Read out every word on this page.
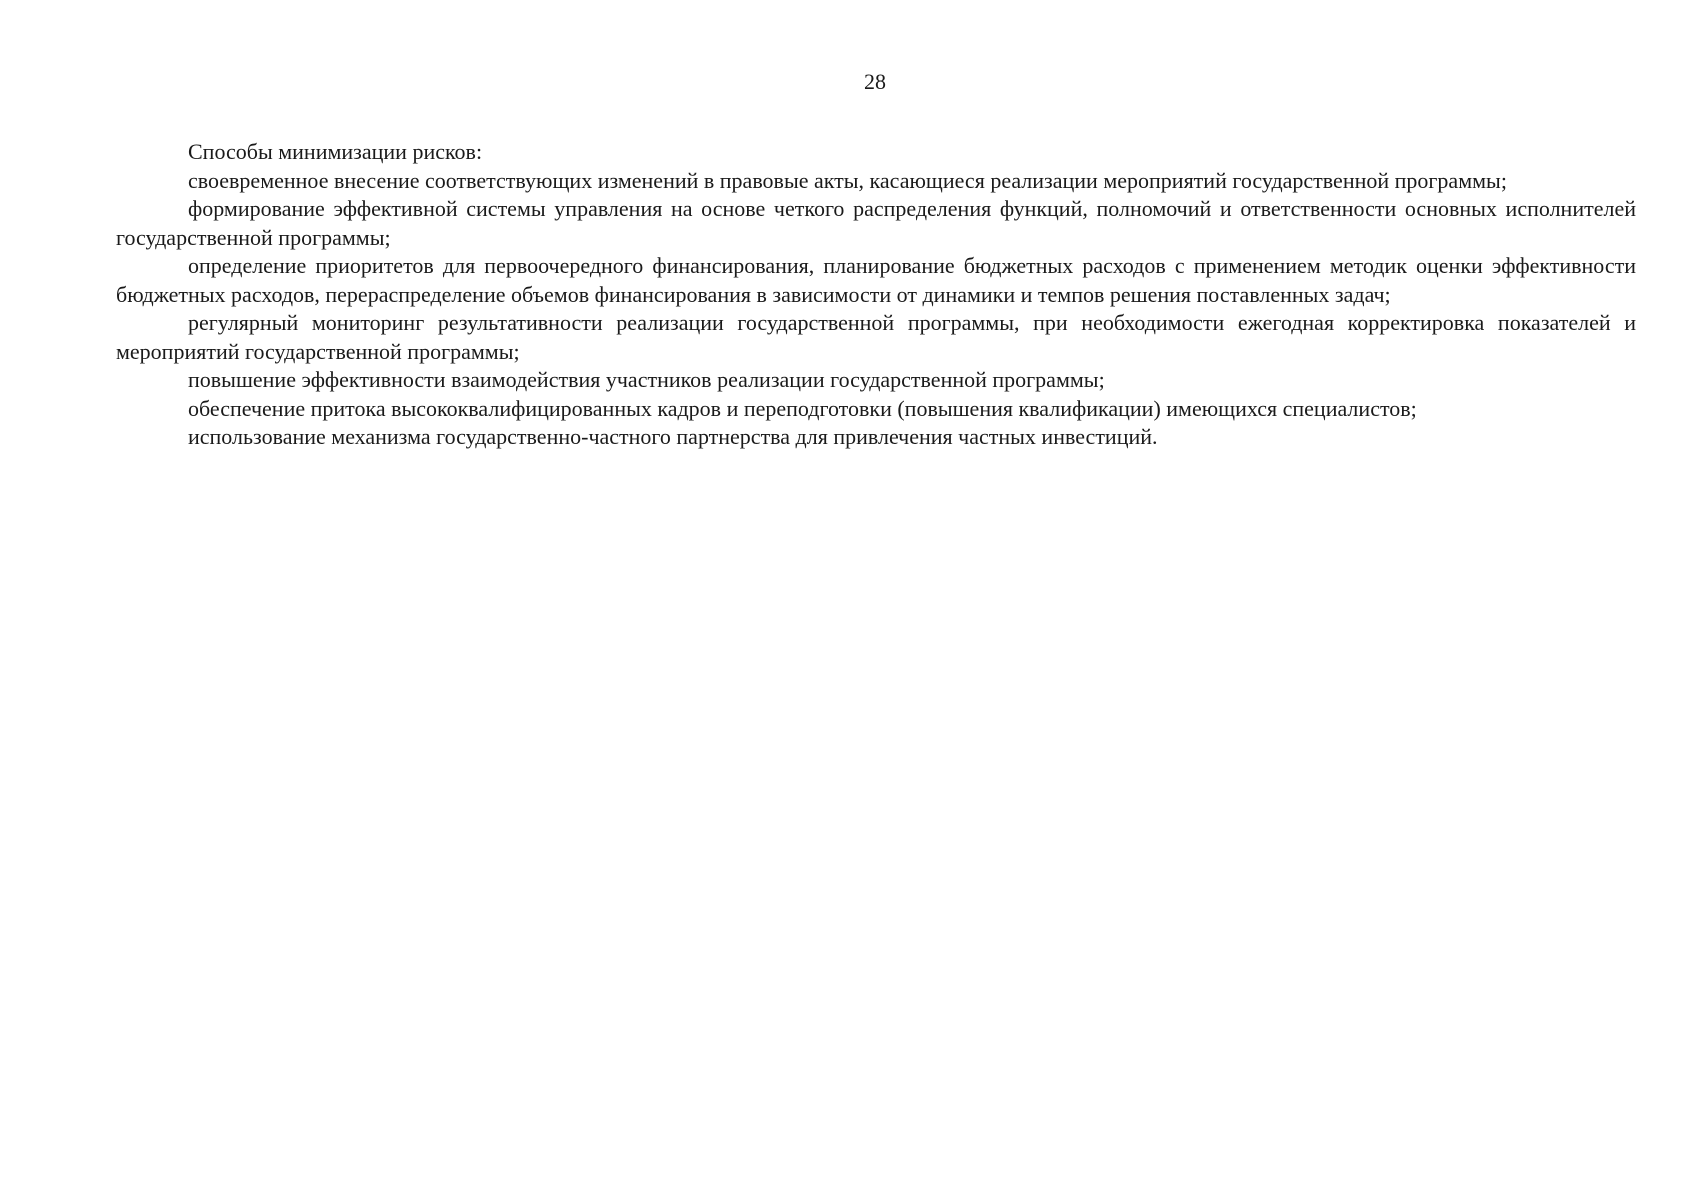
28

Способы минимизации рисков:

своевременное внесение соответствующих изменений в правовые акты, касающиеся реализации мероприятий государственной программы;

формирование эффективной системы управления на основе четкого распределения функций, полномочий и ответственности основных исполнителей государственной программы;

определение приоритетов для первоочередного финансирования, планирование бюджетных расходов с применением методик оценки эффективности бюджетных расходов, перераспределение объемов финансирования в зависимости от динамики и темпов решения поставленных задач;

регулярный мониторинг результативности реализации государственной программы, при необходимости ежегодная корректировка показателей и мероприятий государственной программы;

повышение эффективности взаимодействия участников реализации государственной программы;

обеспечение притока высококвалифицированных кадров и переподготовки (повышения квалификации) имеющихся специалистов;

использование механизма государственно-частного партнерства для привлечения частных инвестиций.
